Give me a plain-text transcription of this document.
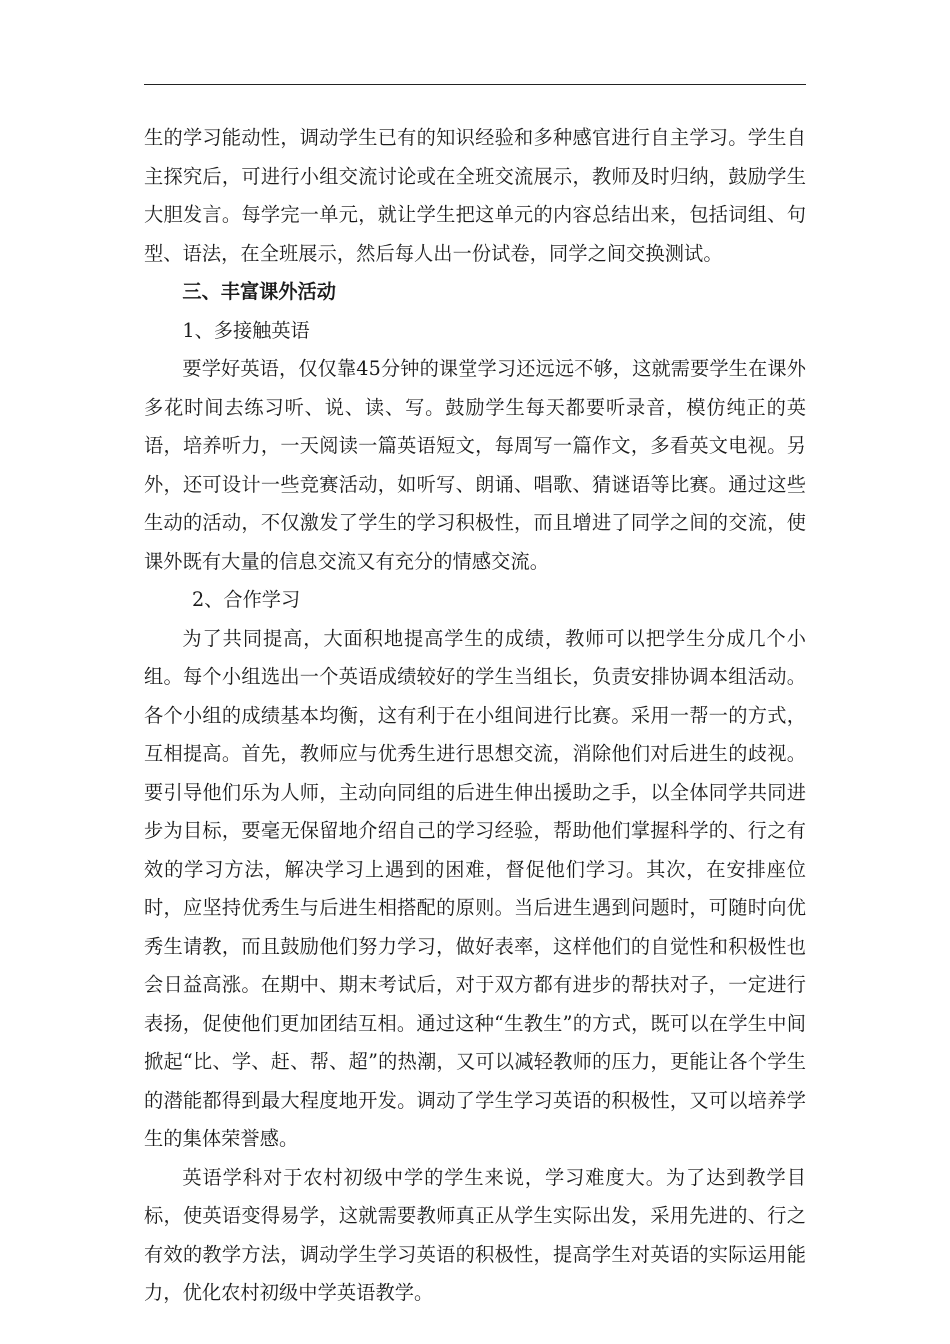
生的学习能动性，调动学生已有的知识经验和多种感官进行自主学习。学生自主探究后，可进行小组交流讨论或在全班交流展示，教师及时归纳，鼓励学生大胆发言。每学完一单元，就让学生把这单元的内容总结出来，包括词组、句型、语法，在全班展示，然后每人出一份试卷，同学之间交换测试。

三、丰富课外活动

1、多接触英语

要学好英语，仅仅靠45分钟的课堂学习还远远不够，这就需要学生在课外多花时间去练习听、说、读、写。鼓励学生每天都要听录音，模仿纯正的英语，培养听力，一天阅读一篇英语短文，每周写一篇作文，多看英文电视。另外，还可设计一些竞赛活动，如听写、朗诵、唱歌、猜谜语等比赛。通过这些生动的活动，不仅激发了学生的学习积极性，而且增进了同学之间的交流，使课外既有大量的信息交流又有充分的情感交流。

2、合作学习

为了共同提高，大面积地提高学生的成绩，教师可以把学生分成几个小组。每个小组选出一个英语成绩较好的学生当组长，负责安排协调本组活动。各个小组的成绩基本均衡，这有利于在小组间进行比赛。采用一帮一的方式，互相提高。首先，教师应与优秀生进行思想交流，消除他们对后进生的歧视。要引导他们乐为人师，主动向同组的后进生伸出援助之手，以全体同学共同进步为目标，要毫无保留地介绍自己的学习经验，帮助他们掌握科学的、行之有效的学习方法，解决学习上遇到的困难，督促他们学习。其次，在安排座位时，应坚持优秀生与后进生相搭配的原则。当后进生遇到问题时，可随时向优秀生请教，而且鼓励他们努力学习，做好表率，这样他们的自觉性和积极性也会日益高涨。在期中、期末考试后，对于双方都有进步的帮扶对子，一定进行表扬，促使他们更加团结互相。通过这种“生教生”的方式，既可以在学生中间掀起“比、学、赶、帮、超”的热潮，又可以减轻教师的压力，更能让各个学生的潜能都得到最大程度地开发。调动了学生学习英语的积极性，又可以培养学生的集体荣誉感。

英语学科对于农村初级中学的学生来说，学习难度大。为了达到教学目标，使英语变得易学，这就需要教师真正从学生实际出发，采用先进的、行之有效的教学方法，调动学生学习英语的积极性，提高学生对英语的实际运用能力，优化农村初级中学英语教学。
